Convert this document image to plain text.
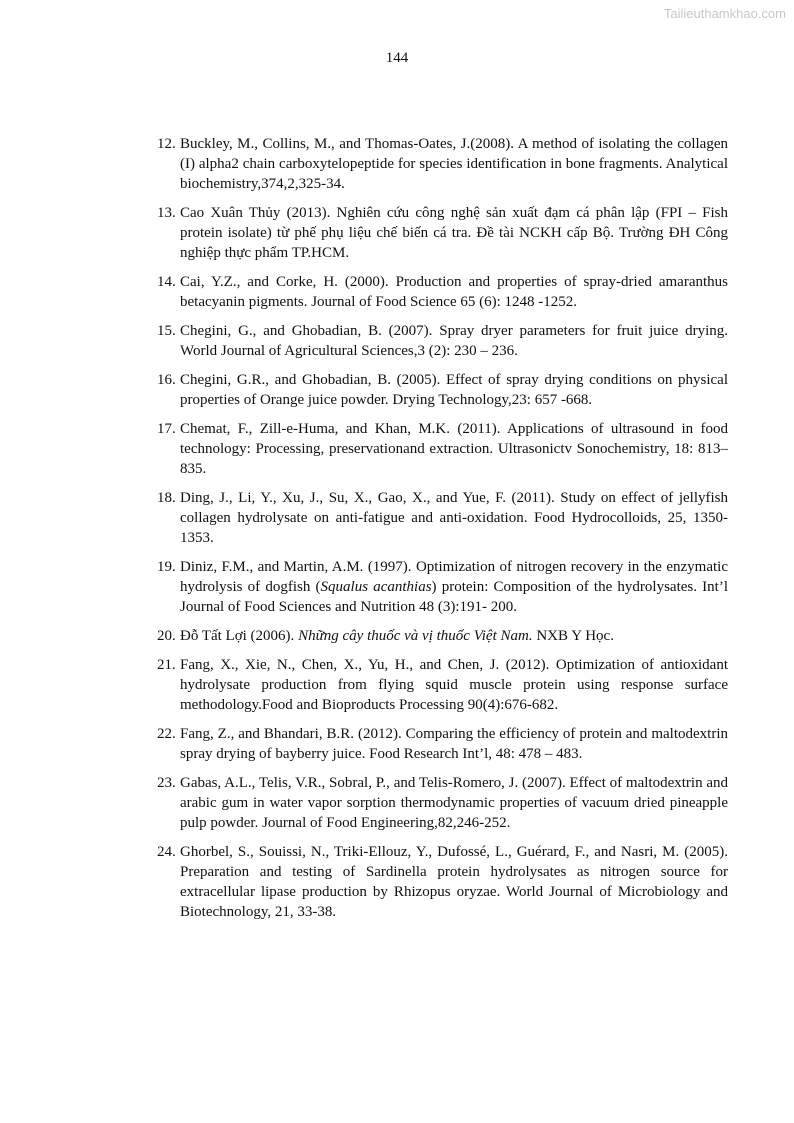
Tailieuthamkhao.com
144
12. Buckley, M., Collins, M., and Thomas-Oates, J.(2008). A method of isolating the collagen (I) alpha2 chain carboxytelopeptide for species identification in bone fragments. Analytical biochemistry,374,2,325-34.
13. Cao Xuân Thủy (2013). Nghiên cứu công nghệ sản xuất đạm cá phân lập (FPI – Fish protein isolate) từ phế phụ liệu chế biến cá tra. Đề tài NCKH cấp Bộ. Trường ĐH Công nghiệp thực phẩm TP.HCM.
14. Cai, Y.Z., and Corke, H. (2000). Production and properties of spray-dried amaranthus betacyanin pigments. Journal of Food Science 65 (6): 1248 -1252.
15. Chegini, G., and Ghobadian, B. (2007). Spray dryer parameters for fruit juice drying. World Journal of Agricultural Sciences,3 (2): 230 – 236.
16. Chegini, G.R., and Ghobadian, B. (2005). Effect of spray drying conditions on physical properties of Orange juice powder. Drying Technology,23: 657 -668.
17. Chemat, F., Zill-e-Huma, and Khan, M.K. (2011). Applications of ultrasound in food technology: Processing, preservationand extraction. Ultrasonictv Sonochemistry, 18: 813–835.
18. Ding, J., Li, Y., Xu, J., Su, X., Gao, X., and Yue, F. (2011). Study on effect of jellyfish collagen hydrolysate on anti-fatigue and anti-oxidation. Food Hydrocolloids, 25, 1350-1353.
19. Diniz, F.M., and Martin, A.M. (1997). Optimization of nitrogen recovery in the enzymatic hydrolysis of dogfish (Squalus acanthias) protein: Composition of the hydrolysates. Int’l Journal of Food Sciences and Nutrition 48 (3):191- 200.
20. Đỗ Tất Lợi (2006). Những cây thuốc và vị thuốc Việt Nam. NXB Y Học.
21. Fang, X., Xie, N., Chen, X., Yu, H., and Chen, J. (2012). Optimization of antioxidant hydrolysate production from flying squid muscle protein using response surface methodology.Food and Bioproducts Processing 90(4):676-682.
22. Fang, Z., and Bhandari, B.R. (2012). Comparing the efficiency of protein and maltodextrin spray drying of bayberry juice. Food Research Int’l, 48: 478 – 483.
23. Gabas, A.L., Telis, V.R., Sobral, P., and Telis-Romero, J. (2007). Effect of maltodextrin and arabic gum in water vapor sorption thermodynamic properties of vacuum dried pineapple pulp powder. Journal of Food Engineering,82,246-252.
24. Ghorbel, S., Souissi, N., Triki-Ellouz, Y., Dufossé, L., Guérard, F., and Nasri, M. (2005). Preparation and testing of Sardinella protein hydrolysates as nitrogen source for extracellular lipase production by Rhizopus oryzae. World Journal of Microbiology and Biotechnology, 21, 33-38.
